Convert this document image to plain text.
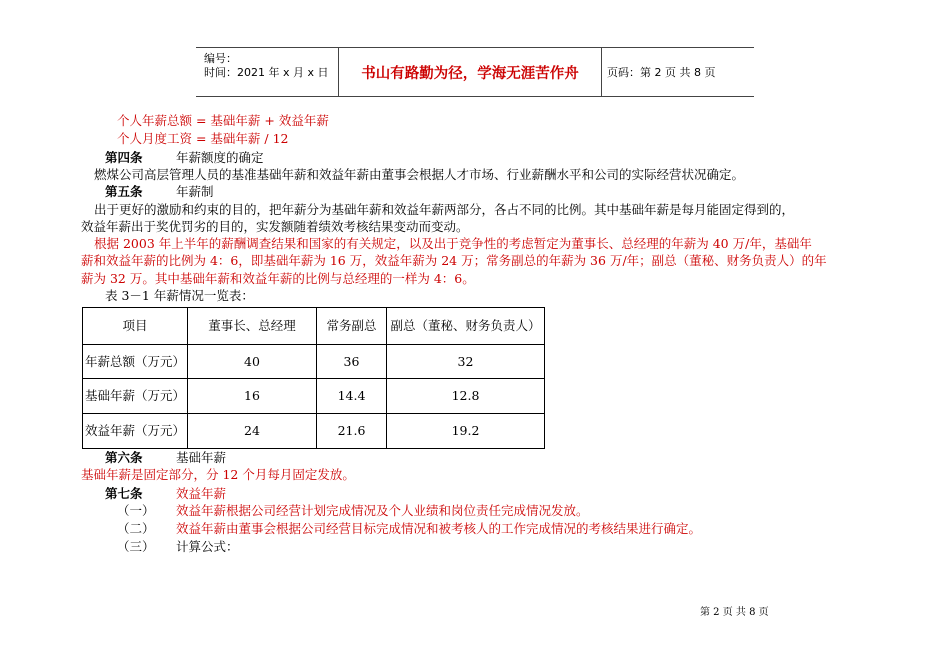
编号：
时间：2021 年 x 月 x 日	书山有路勤为径，学海无涯苦作舟	页码：第 2 页 共 8 页
个人年薪总额 = 基础年薪 + 效益年薪
个人月度工资 = 基础年薪 / 12
第四条	年薪额度的确定
燃煤公司高层管理人员的基准基础年薪和效益年薪由董事会根据人才市场、行业薪酬水平和公司的实际经营状况确定。
第五条	年薪制
出于更好的激励和约束的目的，把年薪分为基础年薪和效益年薪两部分，各占不同的比例。其中基础年薪是每月能固定得到的，
效益年薪出于奖优罚劣的目的，实发额随着绩效考核结果变动而变动。
根据 2003 年上半年的薪酬调查结果和国家的有关规定，以及出于竞争性的考虑暂定为董事长、总经理的年薪为 40 万/年，基础年
薪和效益年薪的比例为 4：6，即基础年薪为 16 万，效益年薪为 24 万；常务副总的年薪为 36 万/年；副总（董秘、财务负责人）的年
薪为 32 万。其中基础年薪和效益年薪的比例与总经理的一样为 4：6。
表 3－1 年薪情况一览表：
项目	董事长、总经理	常务副总	副总（董秘、财务负责人）
年薪总额（万元）	40	36	32
基础年薪（万元）	16	14.4	12.8
效益年薪（万元）	24	21.6	19.2
第六条	基础年薪
基础年薪是固定部分，分 12 个月每月固定发放。
第七条	效益年薪
（一） 效益年薪根据公司经营计划完成情况及个人业绩和岗位责任完成情况发放。
（二） 效益年薪由董事会根据公司经营目标完成情况和被考核人的工作完成情况的考核结果进行确定。
（三） 计算公式：
第 2 页 共 8 页
